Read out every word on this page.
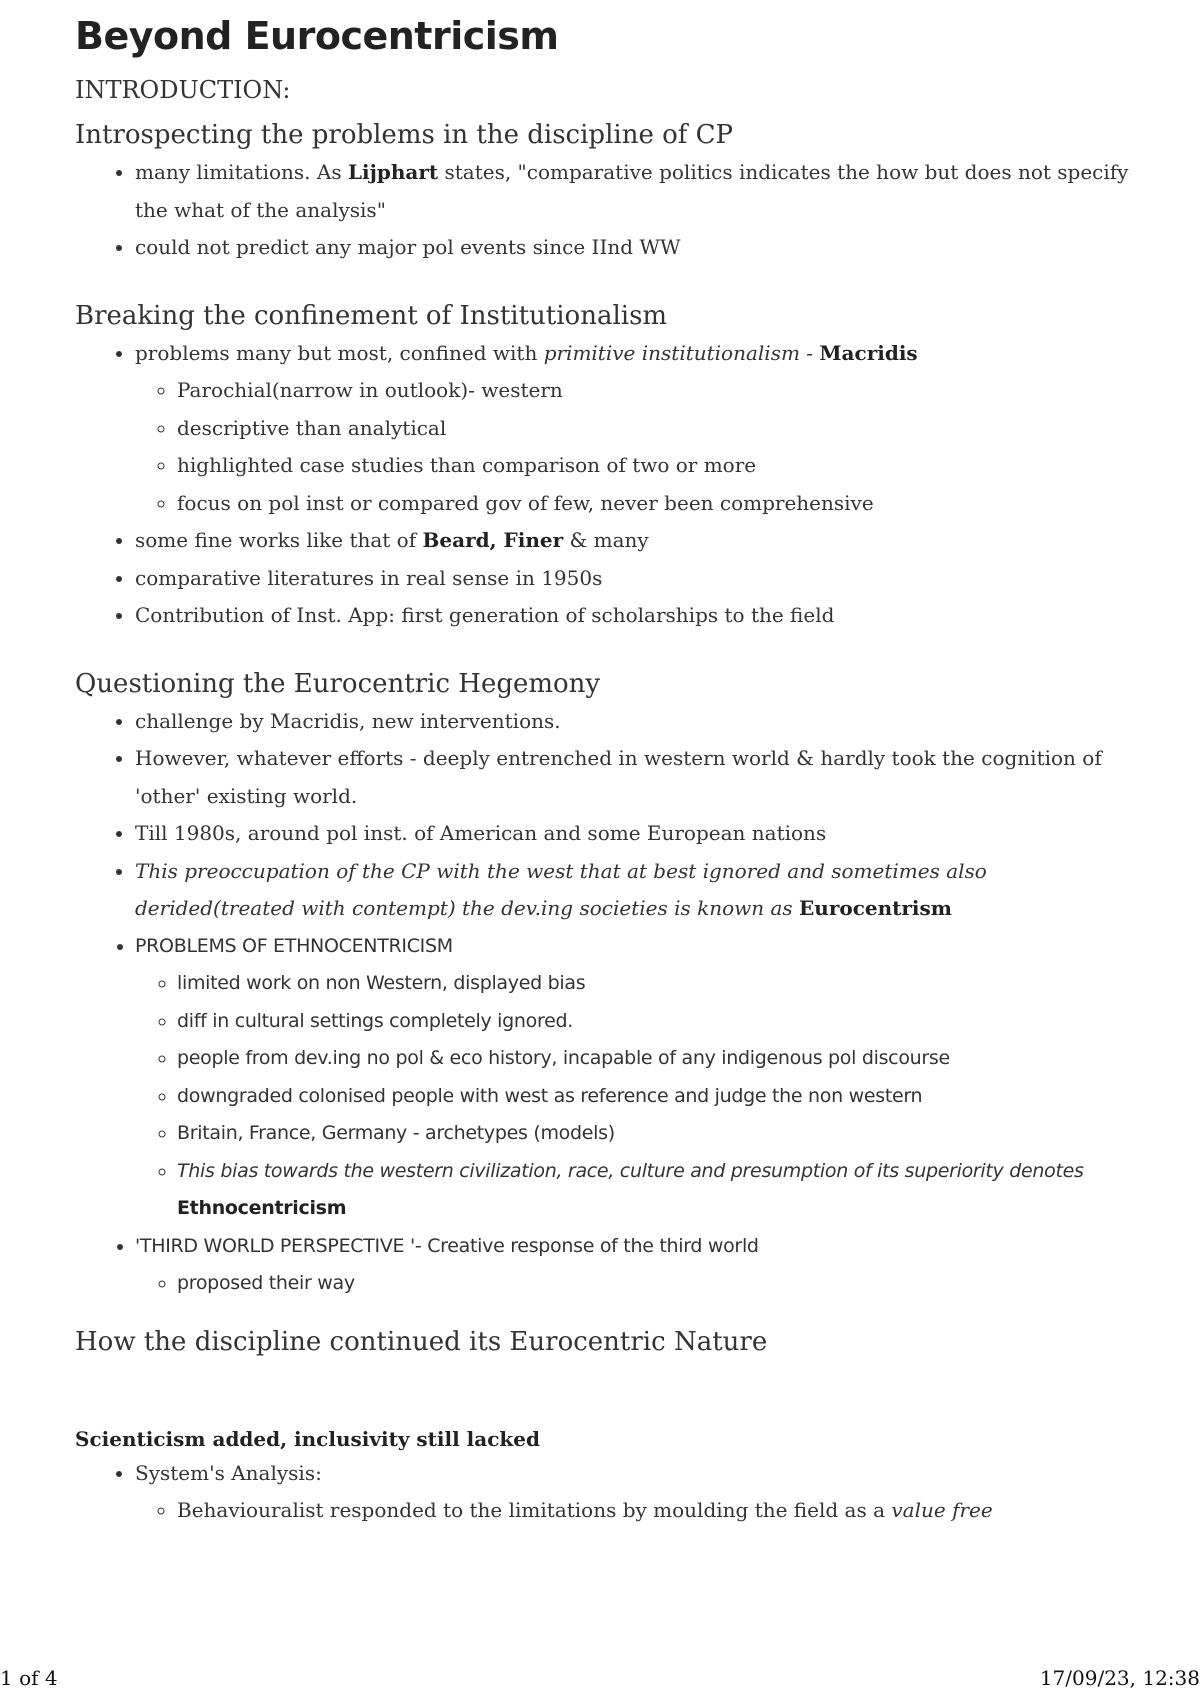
Beyond Eurocentricism
INTRODUCTION:
Introspecting the problems in the discipline of CP
• many limitations. As Lijphart states, "comparative politics indicates the how but does not specify the what of the analysis"
• could not predict any major pol events since IInd WW
Breaking the confinement of Institutionalism
• problems many but most, confined with primitive institutionalism - Macridis
◦ Parochial(narrow in outlook)- western
◦ descriptive than analytical
◦ highlighted case studies than comparison of two or more
◦ focus on pol inst or compared gov of few, never been comprehensive
• some fine works like that of Beard, Finer & many
• comparative literatures in real sense in 1950s
• Contribution of Inst. App: first generation of scholarships to the field
Questioning the Eurocentric Hegemony
• challenge by Macridis, new interventions.
• However, whatever efforts - deeply entrenched in western world & hardly took the cognition of 'other' existing world.
• Till 1980s, around pol inst. of American and some European nations
• This preoccupation of the CP with the west that at best ignored and sometimes also derided(treated with contempt) the dev.ing societies is known as Eurocentrism
• PROBLEMS OF ETHNOCENTRICISM
◦ limited work on non Western, displayed bias
◦ diff in cultural settings completely ignored.
◦ people from dev.ing no pol & eco history, incapable of any indigenous pol discourse
◦ downgraded colonised people with west as reference and judge the non western
◦ Britain, France, Germany - archetypes (models)
◦ This bias towards the western civilization, race, culture and presumption of its superiority denotes Ethnocentricism
• 'THIRD WORLD PERSPECTIVE '- Creative response of the third world
◦ proposed their way
How the discipline continued its Eurocentric Nature
Scienticism added, inclusivity still lacked
• System's Analysis:
◦ Behaviouralist responded to the limitations by moulding the field as a value free
1 of 4	17/09/23, 12:38
